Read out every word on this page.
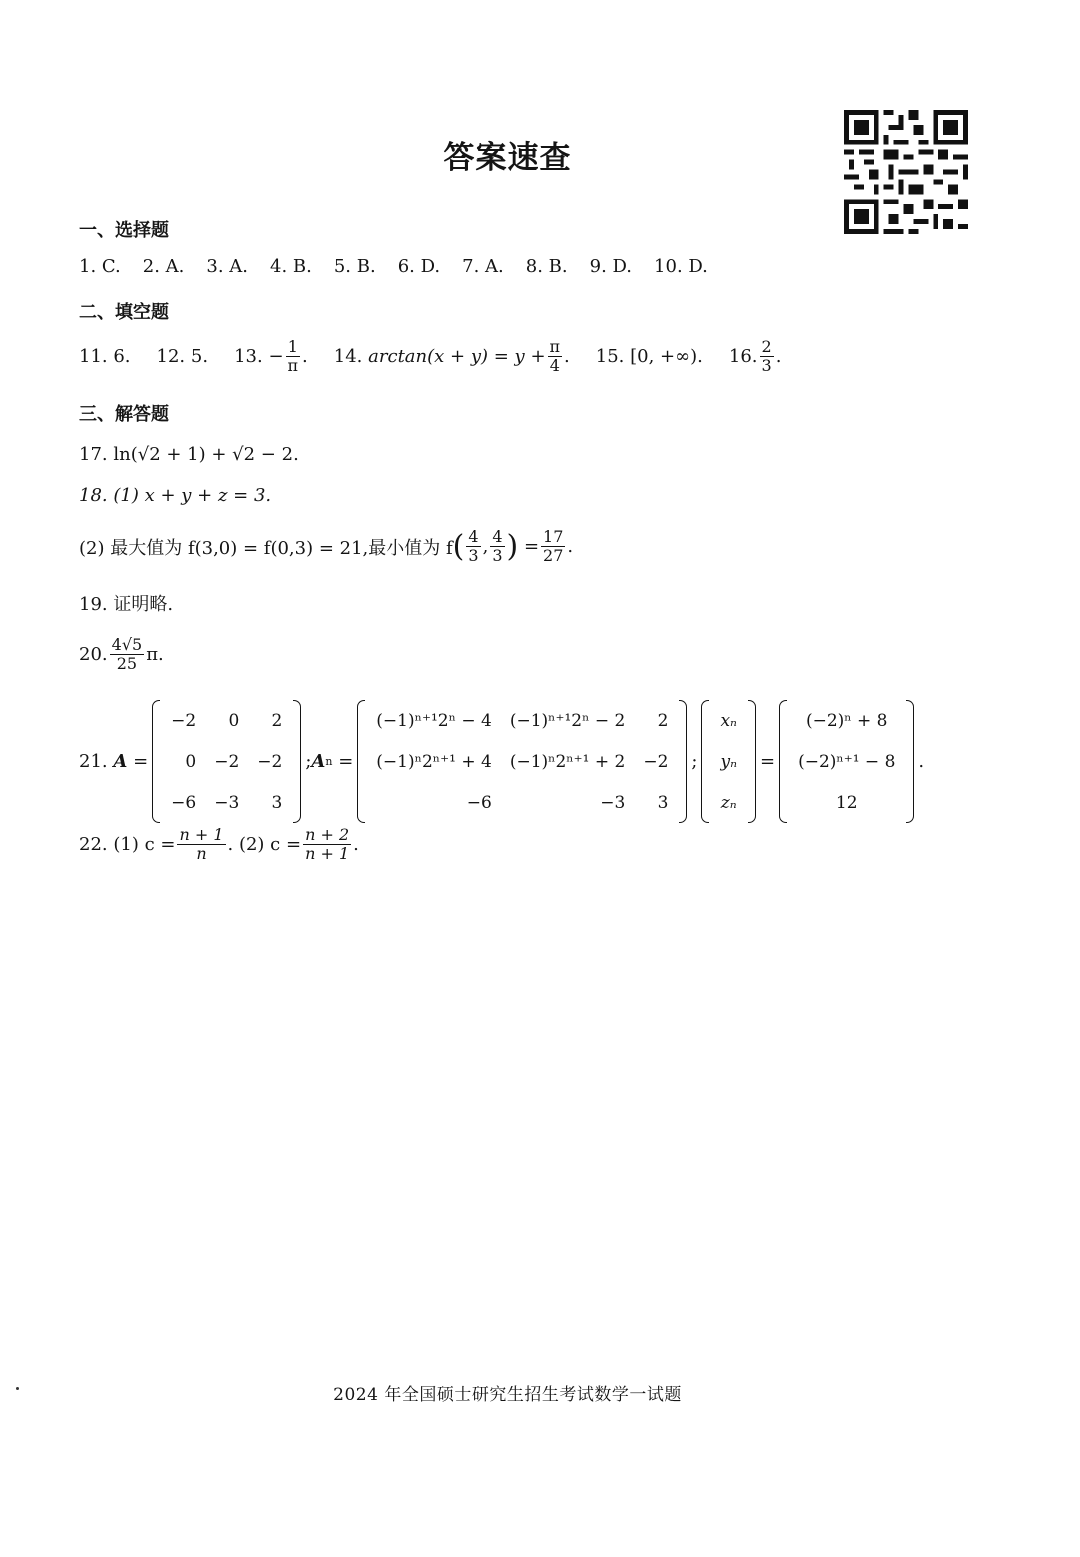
答案速查
一、选择题
1. C. 2. A. 3. A. 4. B. 5. B. 6. D. 7. A. 8. B. 9. D. 10. D.
二、填空题
11. 6. 12. 5. 13.
− $\frac{1}{\pi}$ . 14.
$\arctan(x + y) = y + \frac{\pi}{4}$ . 15. [0, +∞). 16. $\frac{2}{3}$ .
三、解答题
17. ln(√2 + 1) + √2 − 2.
18. (1) x + y + z = 3.
(2) 最大值为 f(3,0) = f(0,3) = 21,最小值为 f ( $\frac{4}{3}$ , $\frac{4}{3}$ ) = $\frac{17}{27}$ .
19. 证明略.
20. $\frac{4√5}{25} \pi$.
21.
A =
−2	0	2
0	−2	−2
−6	−3	3
; A n =
(−1)ⁿ⁺¹2ⁿ − 4	(−1)ⁿ⁺¹2ⁿ − 2	2
(−1)ⁿ2ⁿ⁺¹ + 4	(−1)ⁿ2ⁿ⁺¹ + 2	−2
−6	−3	3
;
xₙ
yₙ
zₙ
=
(−2)ⁿ + 8
(−2)ⁿ⁺¹ − 8
12
.
22. (1) $c = \frac{n + 1}{n}$ . (2) $c = \frac{n + 2}{n + 1}$ .
2024 年全国硕士研究生招生考试数学一试题
